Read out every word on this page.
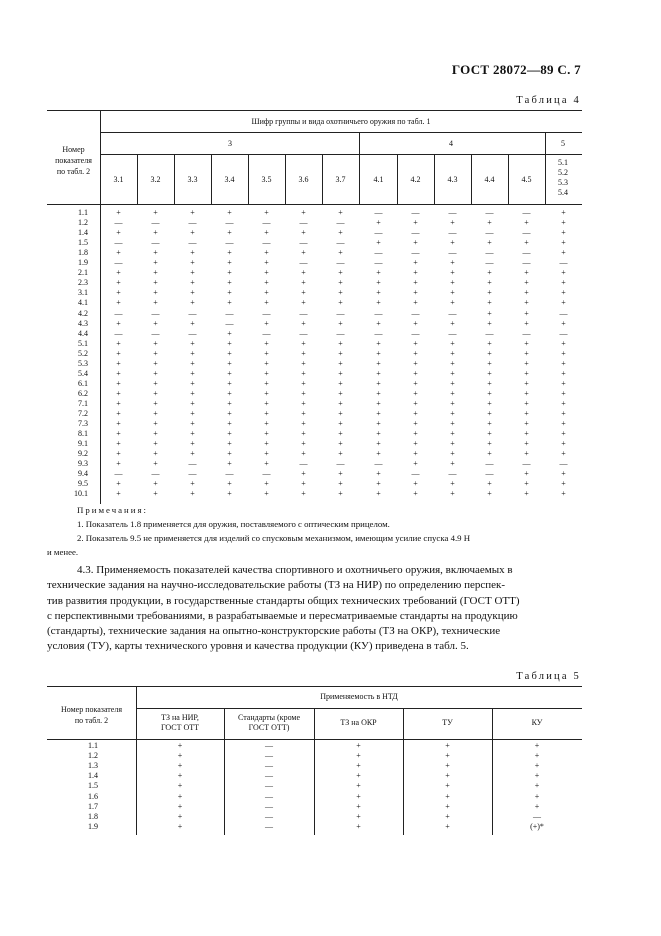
ГОСТ 28072—89 С. 7
Таблица 4
Номер
показателя
по табл. 2
Шифр группы и вида охотничьего оружия по табл. 1
3	4	5
3.1	3.2	3.3	3.4	3.5	3.6	3.7	4.1	4.2	4.3	4.4	4.5
5.1
5.2
5.3
5.4
1.1	+	+	+	+	+	+	+	—	—	—	—	—	+
1.2	—	—	—	—	—	—	—	+	+	+	+	+	+
1.4	+	+	+	+	+	+	+	—	—	—	—	—	+
1.5	—	—	—	—	—	—	—	+	+	+	+	+	+
1.8	+	+	+	+	+	+	+	—	—	—	—	—	+
1.9	—	+	+	+	+	—	—	—	+	+	—	—	—
2.1	+	+	+	+	+	+	+	+	+	+	+	+	+
2.3	+	+	+	+	+	+	+	+	+	+	+	+	+
3.1	+	+	+	+	+	+	+	+	+	+	+	+	+
4.1	+	+	+	+	+	+	+	+	+	+	+	+	+
4.2	—	—	—	—	—	—	—	—	—	—	+	+	—
4.3	+	+	+	—	+	+	+	+	+	+	+	+	+
4.4	—	—	—	+	—	—	—	—	—	—	—	—	—
5.1	+	+	+	+	+	+	+	+	+	+	+	+	+
5.2	+	+	+	+	+	+	+	+	+	+	+	+	+
5.3	+	+	+	+	+	+	+	+	+	+	+	+	+
5.4	+	+	+	+	+	+	+	+	+	+	+	+	+
6.1	+	+	+	+	+	+	+	+	+	+	+	+	+
6.2	+	+	+	+	+	+	+	+	+	+	+	+	+
7.1	+	+	+	+	+	+	+	+	+	+	+	+	+
7.2	+	+	+	+	+	+	+	+	+	+	+	+	+
7.3	+	+	+	+	+	+	+	+	+	+	+	+	+
8.1	+	+	+	+	+	+	+	+	+	+	+	+	+
9.1	+	+	+	+	+	+	+	+	+	+	+	+	+
9.2	+	+	+	+	+	+	+	+	+	+	+	+	+
9.3	+	+	—	+	+	—	—	—	+	+	—	—	—
9.4	—	—	—	—	—	+	+	+	—	—	—	+	+
9.5	+	+	+	+	+	+	+	+	+	+	+	+	+
10.1	+	+	+	+	+	+	+	+	+	+	+	+	+
Примечания:
1. Показатель 1.8 применяется для оружия, поставляемого с оптическим прицелом.
2. Показатель 9.5 не применяется для изделий со спусковым механизмом, имеющим усилие спуска 4.9 Н
и менее.
4.3. Применяемость показателей качества спортивного и охотничьего оружия, включаемых в
технические задания на научно-исследовательские работы (ТЗ на НИР) по определению перспек-
тив развития продукции, в государственные стандарты общих технических требований (ГОСТ ОТТ)
с перспективными требованиями, в разрабатываемые и пересматриваемые стандарты на продукцию
(стандарты), технические задания на опытно-конструкторские работы (ТЗ на ОКР), технические
условия (ТУ), карты технического уровня и качества продукции (КУ) приведена в табл. 5.
Таблица 5
Номер показателя
по табл. 2
Применяемость в НТД
ТЗ на НИР,
ГОСТ ОТТ
Стандарты (кроме
ГОСТ ОТТ)
ТЗ на ОКР	ТУ	КУ
1.1	+	—	+	+	+
1.2	+	—	+	+	+
1.3	+	—	+	+	+
1.4	+	—	+	+	+
1.5	+	—	+	+	+
1.6	+	—	+	+	+
1.7	+	—	+	+	+
1.8	+	—	+	+	—
1.9	+	—	+	+	(+)*
